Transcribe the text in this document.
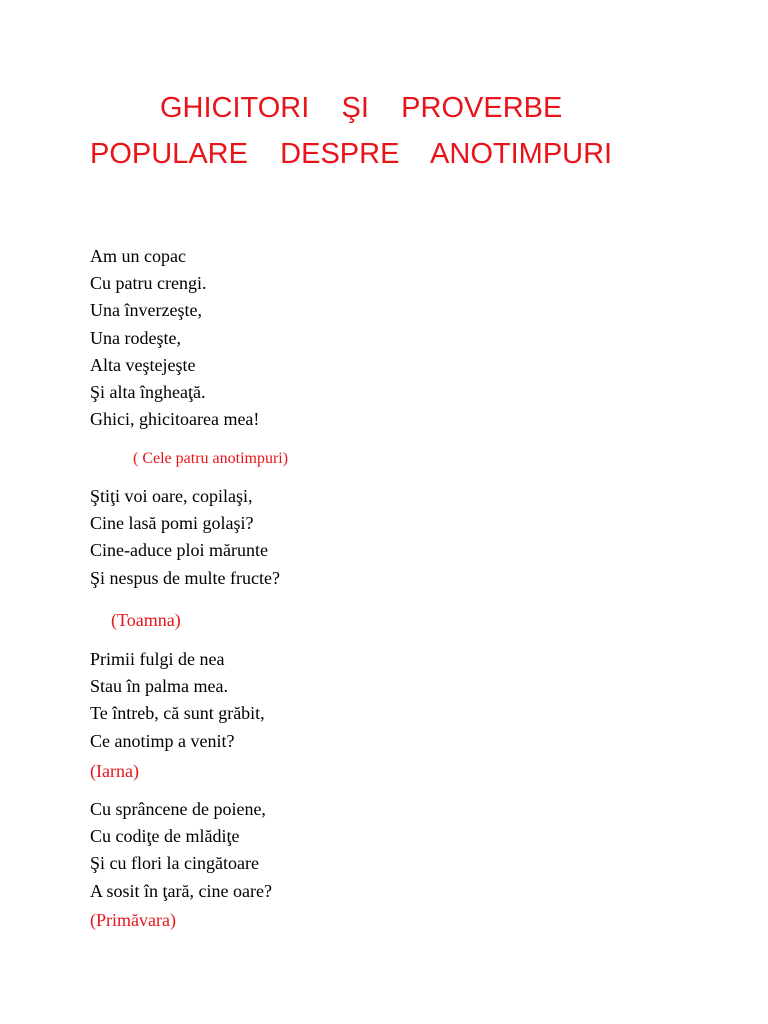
GHICITORI    ŞI    PROVERBE
POPULARE    DESPRE    ANOTIMPURI
Am un copac
Cu patru crengi.
Una înverzeşte,
Una rodeşte,
Alta veştejeşte
Şi alta îngheaţă.
Ghici, ghicitoarea mea!
( Cele patru anotimpuri)
Ştiţi voi oare, copilaşi,
Cine lasă pomi golaşi?
Cine-aduce ploi mărunte
Şi nespus de multe fructe?
(Toamna)
Primii fulgi de nea
Stau în palma mea.
Te întreb, că sunt grăbit,
Ce anotimp a venit?
(Iarna)
Cu sprâncene de poiene,
Cu codiţe de mlădiţe
Şi cu flori la cingătoare
A sosit în ţară, cine oare?
(Primăvara)
